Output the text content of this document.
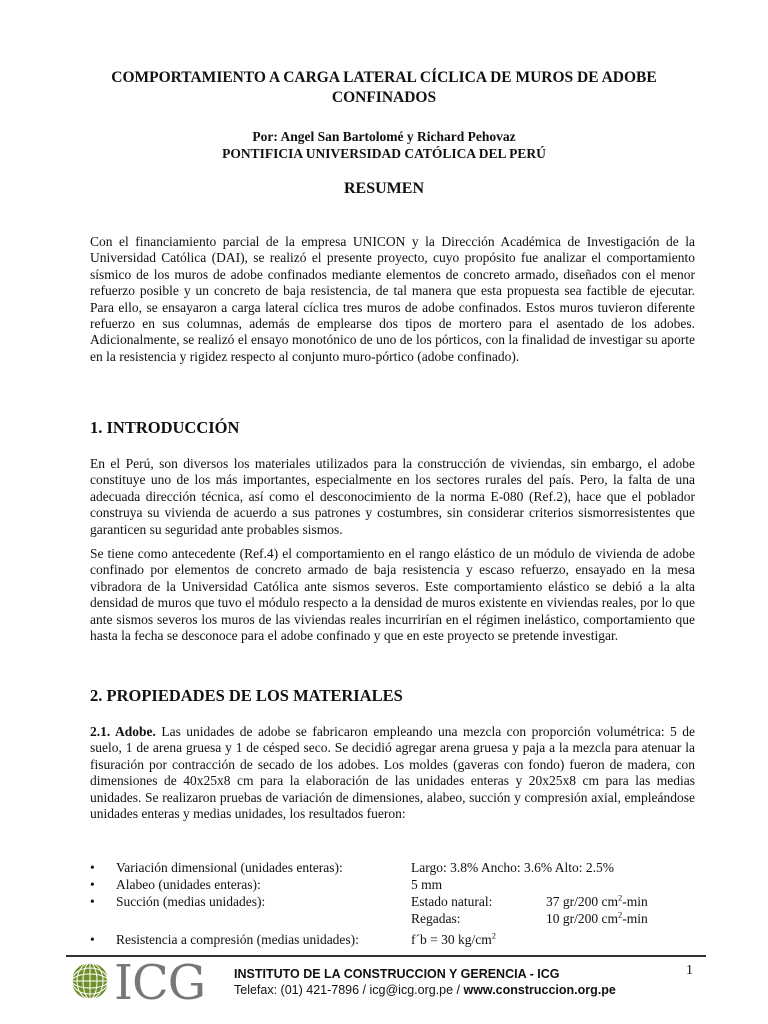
COMPORTAMIENTO A CARGA LATERAL CÍCLICA DE MUROS DE ADOBE CONFINADOS
Por: Angel San Bartolomé y Richard Pehovaz
PONTIFICIA UNIVERSIDAD CATÓLICA DEL PERÚ
RESUMEN

Con el financiamiento parcial de la empresa UNICON y la Dirección Académica de Investigación de la Universidad Católica (DAI), se realizó el presente proyecto, cuyo propósito fue analizar el comportamiento sísmico de los muros de adobe confinados mediante elementos de concreto armado, diseñados con el menor refuerzo posible y un concreto de baja resistencia, de tal manera que esta propuesta sea factible de ejecutar. Para ello, se ensayaron a carga lateral cíclica tres muros de adobe confinados. Estos muros tuvieron diferente refuerzo en sus columnas, además de emplearse dos tipos de mortero para el asentado de los adobes. Adicionalmente, se realizó el ensayo monotónico de uno de los pórticos, con la finalidad de investigar su aporte en la resistencia y rigidez respecto al conjunto muro-pórtico (adobe confinado).

1. INTRODUCCIÓN

En el Perú, son diversos los materiales utilizados para la construcción de viviendas, sin embargo, el adobe constituye uno de los más importantes, especialmente en los sectores rurales del país. Pero, la falta de una adecuada dirección técnica, así como el desconocimiento de la norma E-080 (Ref.2), hace que el poblador construya su vivienda de acuerdo a sus patrones y costumbres, sin considerar criterios sismorresistentes que garanticen su seguridad ante probables sismos.

Se tiene como antecedente (Ref.4) el comportamiento en el rango elástico de un módulo de vivienda de adobe confinado por elementos de concreto armado de baja resistencia y escaso refuerzo, ensayado en la mesa vibradora de la Universidad Católica ante sismos severos. Este comportamiento elástico se debió a la alta densidad de muros que tuvo el módulo respecto a la densidad de muros existente en viviendas reales, por lo que ante sismos severos los muros de las viviendas reales incurrirían en el régimen inelástico, comportamiento que hasta la fecha se desconoce para el adobe confinado y que en este proyecto se pretende investigar.

2. PROPIEDADES DE LOS MATERIALES

2.1. Adobe. Las unidades de adobe se fabricaron empleando una mezcla con proporción volumétrica: 5 de suelo, 1 de arena gruesa y 1 de césped seco. Se decidió agregar arena gruesa y paja a la mezcla para atenuar la fisuración por contracción de secado de los adobes. Los moldes (gaveras con fondo) fueron de madera, con dimensiones de 40x25x8 cm para la elaboración de las unidades enteras y 20x25x8 cm para las medias unidades. Se realizaron pruebas de variación de dimensiones, alabeo, succión y compresión axial, empleándose unidades enteras y medias unidades, los resultados fueron:

• Variación dimensional (unidades enteras):	Largo: 3.8% Ancho: 3.6% Alto: 2.5%
• Alabeo (unidades enteras):	5 mm
• Succión (medias unidades):	Estado natural:	37 gr/200 $cm^2-\min$
Regadas:	10 gr/200 $cm^2-\min$
• Resistencia a compresión (medias unidades):	f´b = 30 $kg/cm^2$
ICG INSTITUTO DE LA CONSTRUCCION Y GERENCIA - ICG
Telefax: (01) 421-7896 / icg@icg.org.pe / www.construccion.org.pe
1
